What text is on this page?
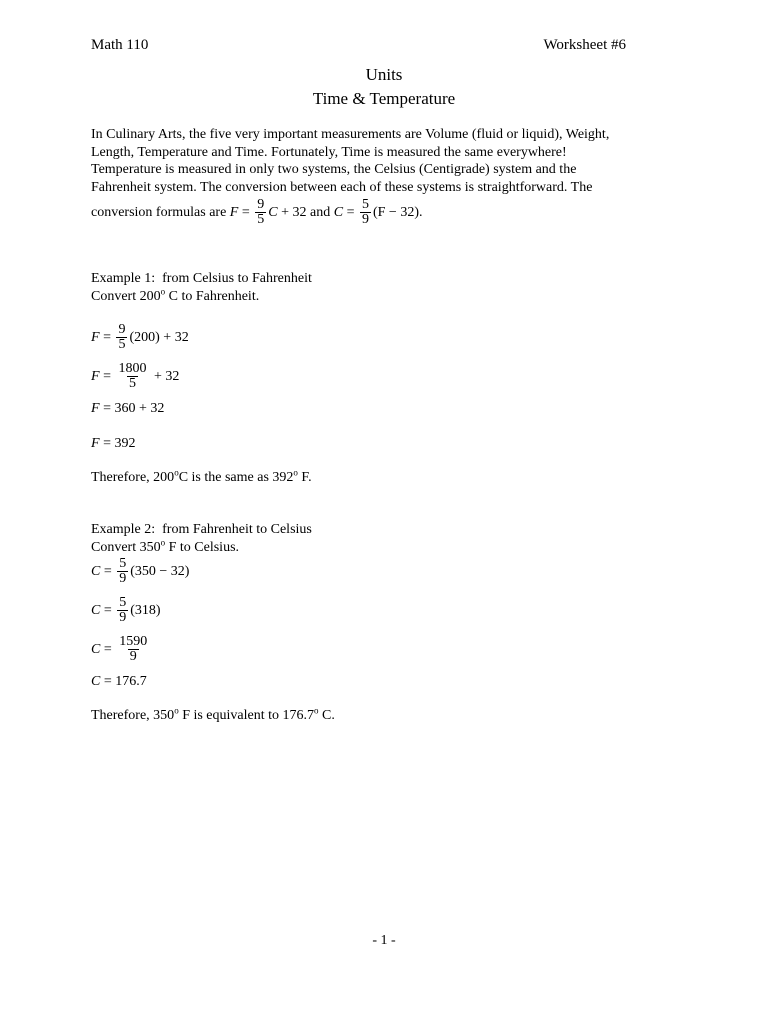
Math 110	Worksheet #6
Units
Time & Temperature

In Culinary Arts, the five very important measurements are Volume (fluid or liquid), Weight,

Length, Temperature and Time. Fortunately, Time is measured the same everywhere!

Temperature is measured in only two systems, the Celsius (Centigrade) system and the

Fahrenheit system. The conversion between each of these systems is straightforward. The

conversion formulas are $F = \frac{9}{5}$ C + 32 and $C = \frac{5}{9} (F - 32)$ .
Example 1:  from Celsius to Fahrenheit
Convert 200$^o$ C to Fahrenheit.
$F = \frac{9}{5} (200) + 32$
$F = \frac{1800}{5} + 32$
F = 360 + 32
F = 392
Therefore, 200$^o$C is the same as 392$^o$ F.
Example 2:  from Fahrenheit to Celsius
Convert 350$^o$ F to Celsius.
$C = \frac{5}{9} (350 - 32)$
$C = \frac{5}{9} (318)$
$C = \frac{1590}{9}$
C = 176.7
Therefore, 350$^o$ F is equivalent to 176.7$^o$ C.
- 1 -
